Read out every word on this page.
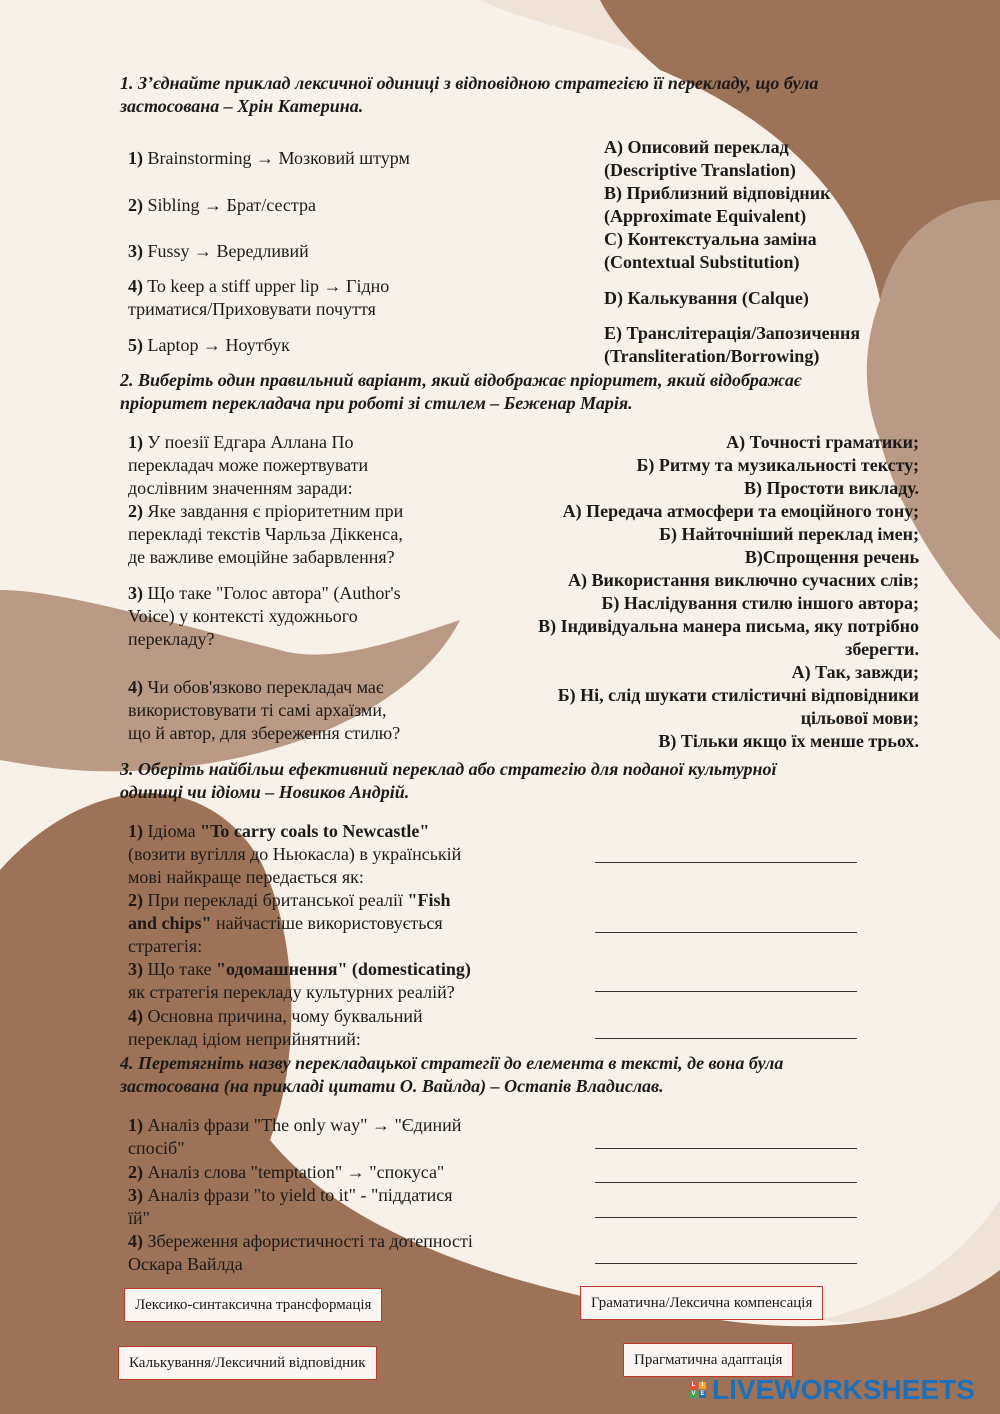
1. З’єднайте приклад лексичної одиниці з відповідною стратегією її перекладу, що була
застосована – Хрін Катерина.
1) Brainstorming → Мозковий штурм
2) Sibling → Брат/сестра
3) Fussy → Вередливий
4) To keep a stiff upper lip → Гідно
триматися/Приховувати почуття
5) Laptop → Ноутбук
А) Описовий переклад
(Descriptive Translation)
В) Приблизний відповідник
(Approximate Equivalent)
С) Контекстуальна заміна
(Contextual Substitution)
D) Калькування (Calque)
Е) Транслітерація/Запозичення
(Transliteration/Borrowing)
2. Виберіть один правильний варіант, який відображає пріоритет, який відображає
пріоритет перекладача при роботі зі стилем – Беженар Марія.
1) У поезії Едгара Аллана По
перекладач може пожертвувати
дослівним значенням заради:
2) Яке завдання є пріоритетним при
перекладі текстів Чарльза Діккенса,
де важливе емоційне забарвлення?
3) Що таке "Голос автора" (Author's
Voice) у контексті художнього
перекладу?
4) Чи обов'язково перекладач має
використовувати ті самі архаїзми,
що й автор, для збереження стилю?
А) Точності граматики;
Б) Ритму та музикальності тексту;
В) Простоти викладу.
А) Передача атмосфери та емоційного тону;
Б) Найточніший переклад імен;
В)Спрощення речень
А) Використання виключно сучасних слів;
Б) Наслідування стилю іншого автора;
В) Індивідуальна манера письма, яку потрібно
зберегти.
А) Так, завжди;
Б) Ні, слід шукати стилістичні відповідники
цільової мови;
В) Тільки якщо їх менше трьох.
3. Оберіть найбільш ефективний переклад або стратегію для поданої культурної
одиниці чи ідіоми – Новиков Андрій.
1) Ідіома "To carry coals to Newcastle"
(возити вугілля до Ньюкасла) в українській
мові найкраще передається як:
2) При перекладі британської реалії "Fish
and chips" найчастіше використовується
стратегія:
3) Що таке "одомашнення" (domesticating)
як стратегія перекладу культурних реалій?
4) Основна причина, чому буквальний
переклад ідіом неприйнятний:
4. Перетягніть назву перекладацької стратегії до елемента в тексті, де вона була
застосована (на прикладі цитати О. Вайлда) – Остапів Владислав.
1) Аналіз фрази "The only way" → "Єдиний
спосіб"
2) Аналіз слова "temptation" → "спокуса"
3) Аналіз фрази "to yield to it" - "піддатися
їй"
4) Збереження афористичності та дотепності
Оскара Вайлда
Лексико-синтаксична трансформація	Граматична/Лексична компенсація
Калькування/Лексичний відповідник	Прагматична адаптація
L	I
V E LIVEWORKSHEETS
